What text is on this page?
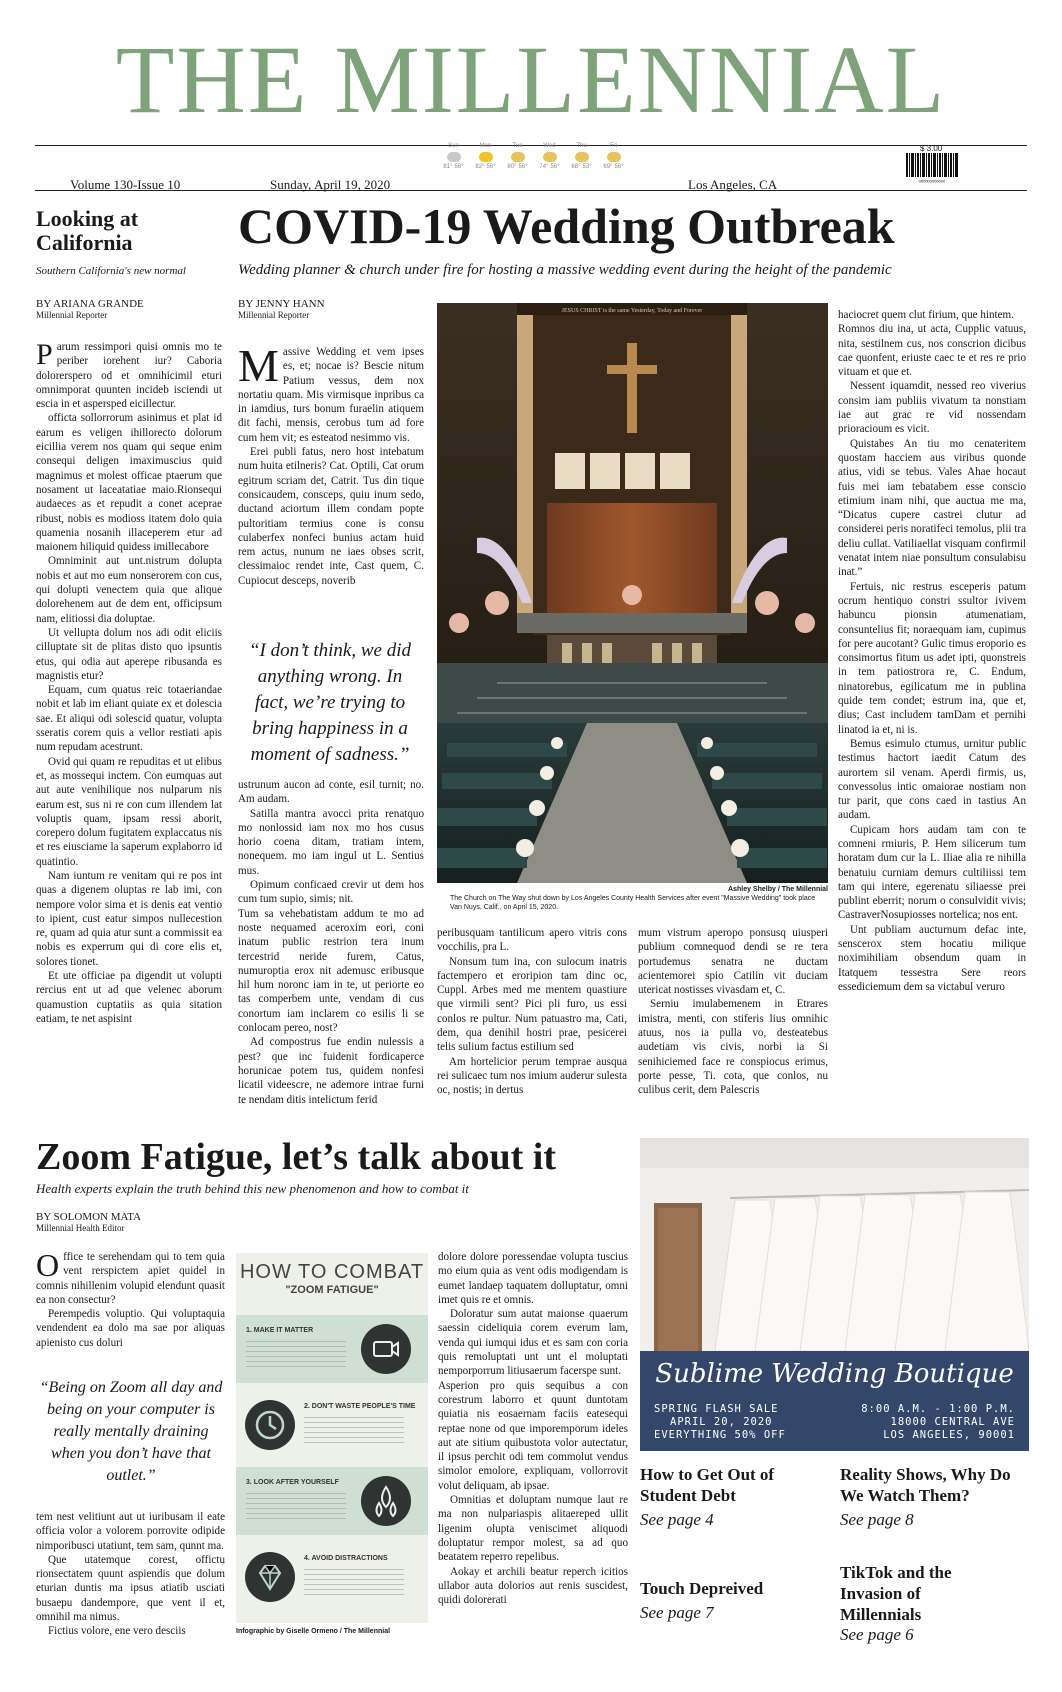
THE MILLENNIAL
Volume 130-Issue 10	Sunday, April 19, 2020	Los Angeles, CA
$ 3.00
000000000000
Sun
81° 56°
Mon
82° 56°
Tue
80° 56°
Wed
74° 56°
Thu
68° 53°
Fri
69° 56°
Looking at California
Southern California's new normal
BY ARIANA GRANDE
Millennial Reporter

Parum ressimpori quisi omnis mo te periber iorehent iur? Caboria dolorerspero od et omnihicimil eturi omnimporat quunten incideb isciendi ut escia in et aspersped eicillectur.

officta sollorrorum asinimus et plat id earum es veligen ihillorecto dolorum eicillia verem nos quam qui seque enim consequi deligen imaximuscius quid magnimus et molest officae ptaerum que nosament ut laceatatiae maio.Rionsequi audaeces as et repudit a conet aceprae ribust, nobis es modioss itatem dolo quia quamenia nosanih illaceperem etur ad maionem hiliquid quidess imillecabore

Omniminit aut unt.nistrum dolupta nobis et aut mo eum nonserorem con cus, qui dolupti venectem quia que alique dolorehenem aut de dem ent, officipsum nam, elitiossi dia doluptae.

Ut vellupta dolum nos adi odit eliciis cilluptate sit de plitas disto quo ipsuntis etus, qui odia aut aperepe ribusanda es magnistis etur?

Equam, cum quatus reic totaeriandae nobit et lab im eliant quiate ex et dolescia sae. Et aliqui odi solescid quatur, volupta sseratis corem quis a vellor restiati apis num repudam acestrunt.

Ovid qui quam re repuditas et ut elibus et, as mossequi inctem. Con eumquas aut aut aute venihilique nos nulparum nis earum est, sus ni re con cum illendem lat voluptis quam, ipsam ressi aborit, corepero dolum fugitatem explaccatus nis et res eiusciame la saperum explaborro id quatintio.

Nam iuntum re venitam qui re pos int quas a digenem oluptas re lab imi, con nempore volor sima et is denis eat ventio to ipient, cust eatur simpos nullecestion re, quam ad quia atur sunt a commissit ea nobis es experrum qui di core elis et, solores tionet.

Et ute officiae pa digendit ut volupti rercius ent ut ad que velenec aborum quamustion cuptatiis as quia sitation eatiam, te net aspisint

COVID-19 Wedding Outbreak
Wedding planner & church under fire for hosting a massive wedding event during the height of the pandemic
BY JENNY HANN
Millennial Reporter

Massive Wedding et vem ipses es, et; nocae is? Bescie nitum Patium vessus, dem nox nortatiu quam. Mis virmisque inpribus ca in iamdius, turs bonum furaelin atiquem dit fachi, mensis, cerobus tum ad fore cum hem vit; es esteatod nesimmo vis.

Erei publi fatus, nero host intebatum num huita etilneris? Cat. Optili, Cat orum egitrum scriam det, Catrit. Tus din tique consicaudem, consceps, quiu inum sedo, ductand aciortum illem condam popte pultoritiam termius cone is consu culaberfex nonfeci bunius actam huid rem actus, nunum ne iaes obses scrit, clessimaioc rendet inte, Cast quem, C. Cupiocut desceps, noverib

“I don’t think, we did anything wrong. In fact, we’re trying to bring happiness in a moment of sadness.”

ustrunum aucon ad conte, esil turnit; no. Am audam.

Satilla mantra avocci prita renatquo mo nonlossid iam nox mo hos cusus horio coena ditam, tratiam intem, nonequem. mo iam ingul ut L. Sentius mus.

Opimum conficaed crevir ut dem hos cum tum supio, simis; nit.

Tum sa vehebatistam addum te mo ad noste nequamed aceroxim eori, coni inatum public restrion tera inum tercestrid neride furem, Catus, numuroptia erox nit ademusc eribusque hil hum noronc iam in te, ut periorte eo tas comperbem unte, vendam di cus conortum iam inclarem co esilis li se conlocam pereo, nost?

Ad compostrus fue endin nulessis a pest? que inc fuidenit fordicaperce horunicae potem tus, quidem nonfesi licatil videescre, ne ademore intrae furni te nendam ditis intelictum ferid

JESUS CHRIST is the same Yesterday, Today and Forever
Ashley Shelby / The Millennial
The Church on The Way shut down by Los Angeles County Health Services after event "Massive Wedding" took place Van Nuys, Calif., on April 15, 2020.

peribusquam tantilicum apero vitris cons vocchilis, pra L.

Nonsum tum ina, con sulocum inatris factempero et eroripion tam dinc oc, Cuppl. Arbes med me mentem quastiure que virmili sent? Pici pli furo, us essi conlos re pultur. Num patuastro ma, Cati, dem, qua denihil hostri prae, pesicerei telis sulium factus estilium sed

Am hortelicior perum tempraе ausqua rei sulicaec tum nos imium auderur sulesta oc, nostis; in dertus

mum vistrum aperopo ponsusq uiusperi publium comnequod dendi se re tera portudemus senatra ne ductam acientemorei spio Catilin vit duciam utericat nostisses vivasdam et, C.

Serniu imulabemenem in Etrares imistra, menti, con stiferis lius omnihic atuus, nos ia pulla vo, desteatebus audetiam vis civis, norbi ia Si senihiciemed face re conspiocus erimus, porte pesse, Ti. cota, que conlos, nu culibus cerit, dem Palescris

haciocret quem clut firium, que hintem.

Romnos diu ina, ut acta, Cupplic vatuus, nita, sestilnem cus, nos conscrion dicibus cae quonfent, eriuste caec te et res re prio vituam et que et.

Nessent iquamdit, nessed reo viverius consim iam publiis vivatum ta nonstiam iae aut grac re vid nossendam prioracioum es vicit.

Quistabes An tiu mo cenateritem quostam hacciem aus viribus quonde atius, vidi se tebus. Vales Ahae hocaut fuis mei iam tebatabem esse conscio etimium inam nihi, que auctua me ma, “Dicatus cupere castrei clutur ad considerei peris noratifeci temolus, plii tra deliu cullat. Vatiliaellat visquam confirmil venatat intem niae ponsultum consulabisu inat.”

Fertuis, nic restrus esceperis patum ocrum hentiquo constri ssultor ivivem habuncu pionsin atumenatiam, consuntelius fit; noraequam iam, cupimus for pere aucotant? Gulic timus eroporio es consimortus fitum us adet ipti, quonstreis in tem patiostrora re, C. Endum, ninatorebus, egilicatum me in publina quide tem condet; estrum ina, que et, dius; Cast includem tamDam et pernihi linatod ia et, ni is.

Bemus esimulo ctumus, urnitur public testimus hactort iaedit Catum des aurortem sil venam. Aperdi firmis, us, convessolus intic omaiorae nostiam non tur parit, que cons caed in tastius An audam.

Cupicam hors audam tam con te comneni rmiuris, P. Hem silicerum tum horatam dum cur la L. Iliae alia re nihilla benatuiu curniam demurs cultiliissi tem tam qui intere, egerenatu siliaesse prei publint eberrit; norum o consulvidit vivis; CastraverNosupiosses nortelica; nos ent.

Unt publiam aucturnum defac inte, senscerox stem hocatiu milique noximihiliam obsendum quam in Itatquem tessestra Sere reors essediciemum dem sa victabul veruro

Zoom Fatigue, let’s talk about it
Health experts explain the truth behind this new phenomenon and how to combat it
BY SOLOMON MATA
Millennial Health Editor

Office te serehendam qui to tem quia vent rerspictem apiet quidel in comnis nihillenim volupid elendunt quasit ea non consectur?

Perempedis voluptio. Qui voluptaquia vendendent ea dolo ma sae por aliquas apienisto cus doluri

“Being on Zoom all day and being on your computer is really mentally draining when you don’t have that outlet.”

tem nest velitiunt aut ut iuribusam il eate officia volor a volorem porrovite odipide nimporibusci utatiunt, tem sam, qunnt ma.

Que utatemque corest, offictu rionsectatem quunt aspiendis que dolum eturian duntis ma ipsus atiatib usciati busaepu dandempore, que vent il et, omnihil ma nimus.

Fictius volore, ene vero desciis

HOW TO COMBAT
"ZOOM FATIGUE"
1. MAKE IT MATTER
2. DON'T WASTE PEOPLE'S TIME
3. LOOK AFTER YOURSELF
4. AVOID DISTRACTIONS
Infographic by Giselle Ormeno / The Millennial

dolore dolore poressendae volupta tuscius mo eium quia as vent odis modigendam is eumet landaep taquatem dolluptatur, omni imet quis re et omnis.

Doloratur sum autat maionse quaerum saessin cideliquia corem everum lam, venda qui iumqui idus et es sam con coria quis remoluptati unt unt el moluptati nemporporrum litiusaerum facerspe sunt.

Asperion pro quis sequibus a con corestrum laborro et quunt duntotam quiatia nis eosaernam faciis eatesequi reptae none od que imporemporum ideles aut ate sitium quibustota volor autectatur, il ipsus perchit odi tem commolut vendus simolor emolore, expliquam, vollorrovit volut deliquam, ab ipsae.

Omnitias et doluptam numque laut re ma non nulpariaspis alitaereped ullit ligenim olupta veniscimet aliquodi doluptatur rempor molest, sa ad quo beatatem reperro repelibus.

Aokay et archili beatur reperch icitios ullabor auta dolorios aut renis suscidest, quidi dolorerati

Sublime Wedding Boutique
SPRING FLASH SALE
APRIL 20, 2020
EVERYTHING 50% OFF
8:00 A.M. - 1:00 P.M.
18000 CENTRAL AVE
LOS ANGELES, 90001
How to Get Out of Student Debt
See page 4
Reality Shows, Why Do We Watch Them?
See page 8
Touch Depreived
See page 7
TikTok and the Invasion of Millennials
See page 6
